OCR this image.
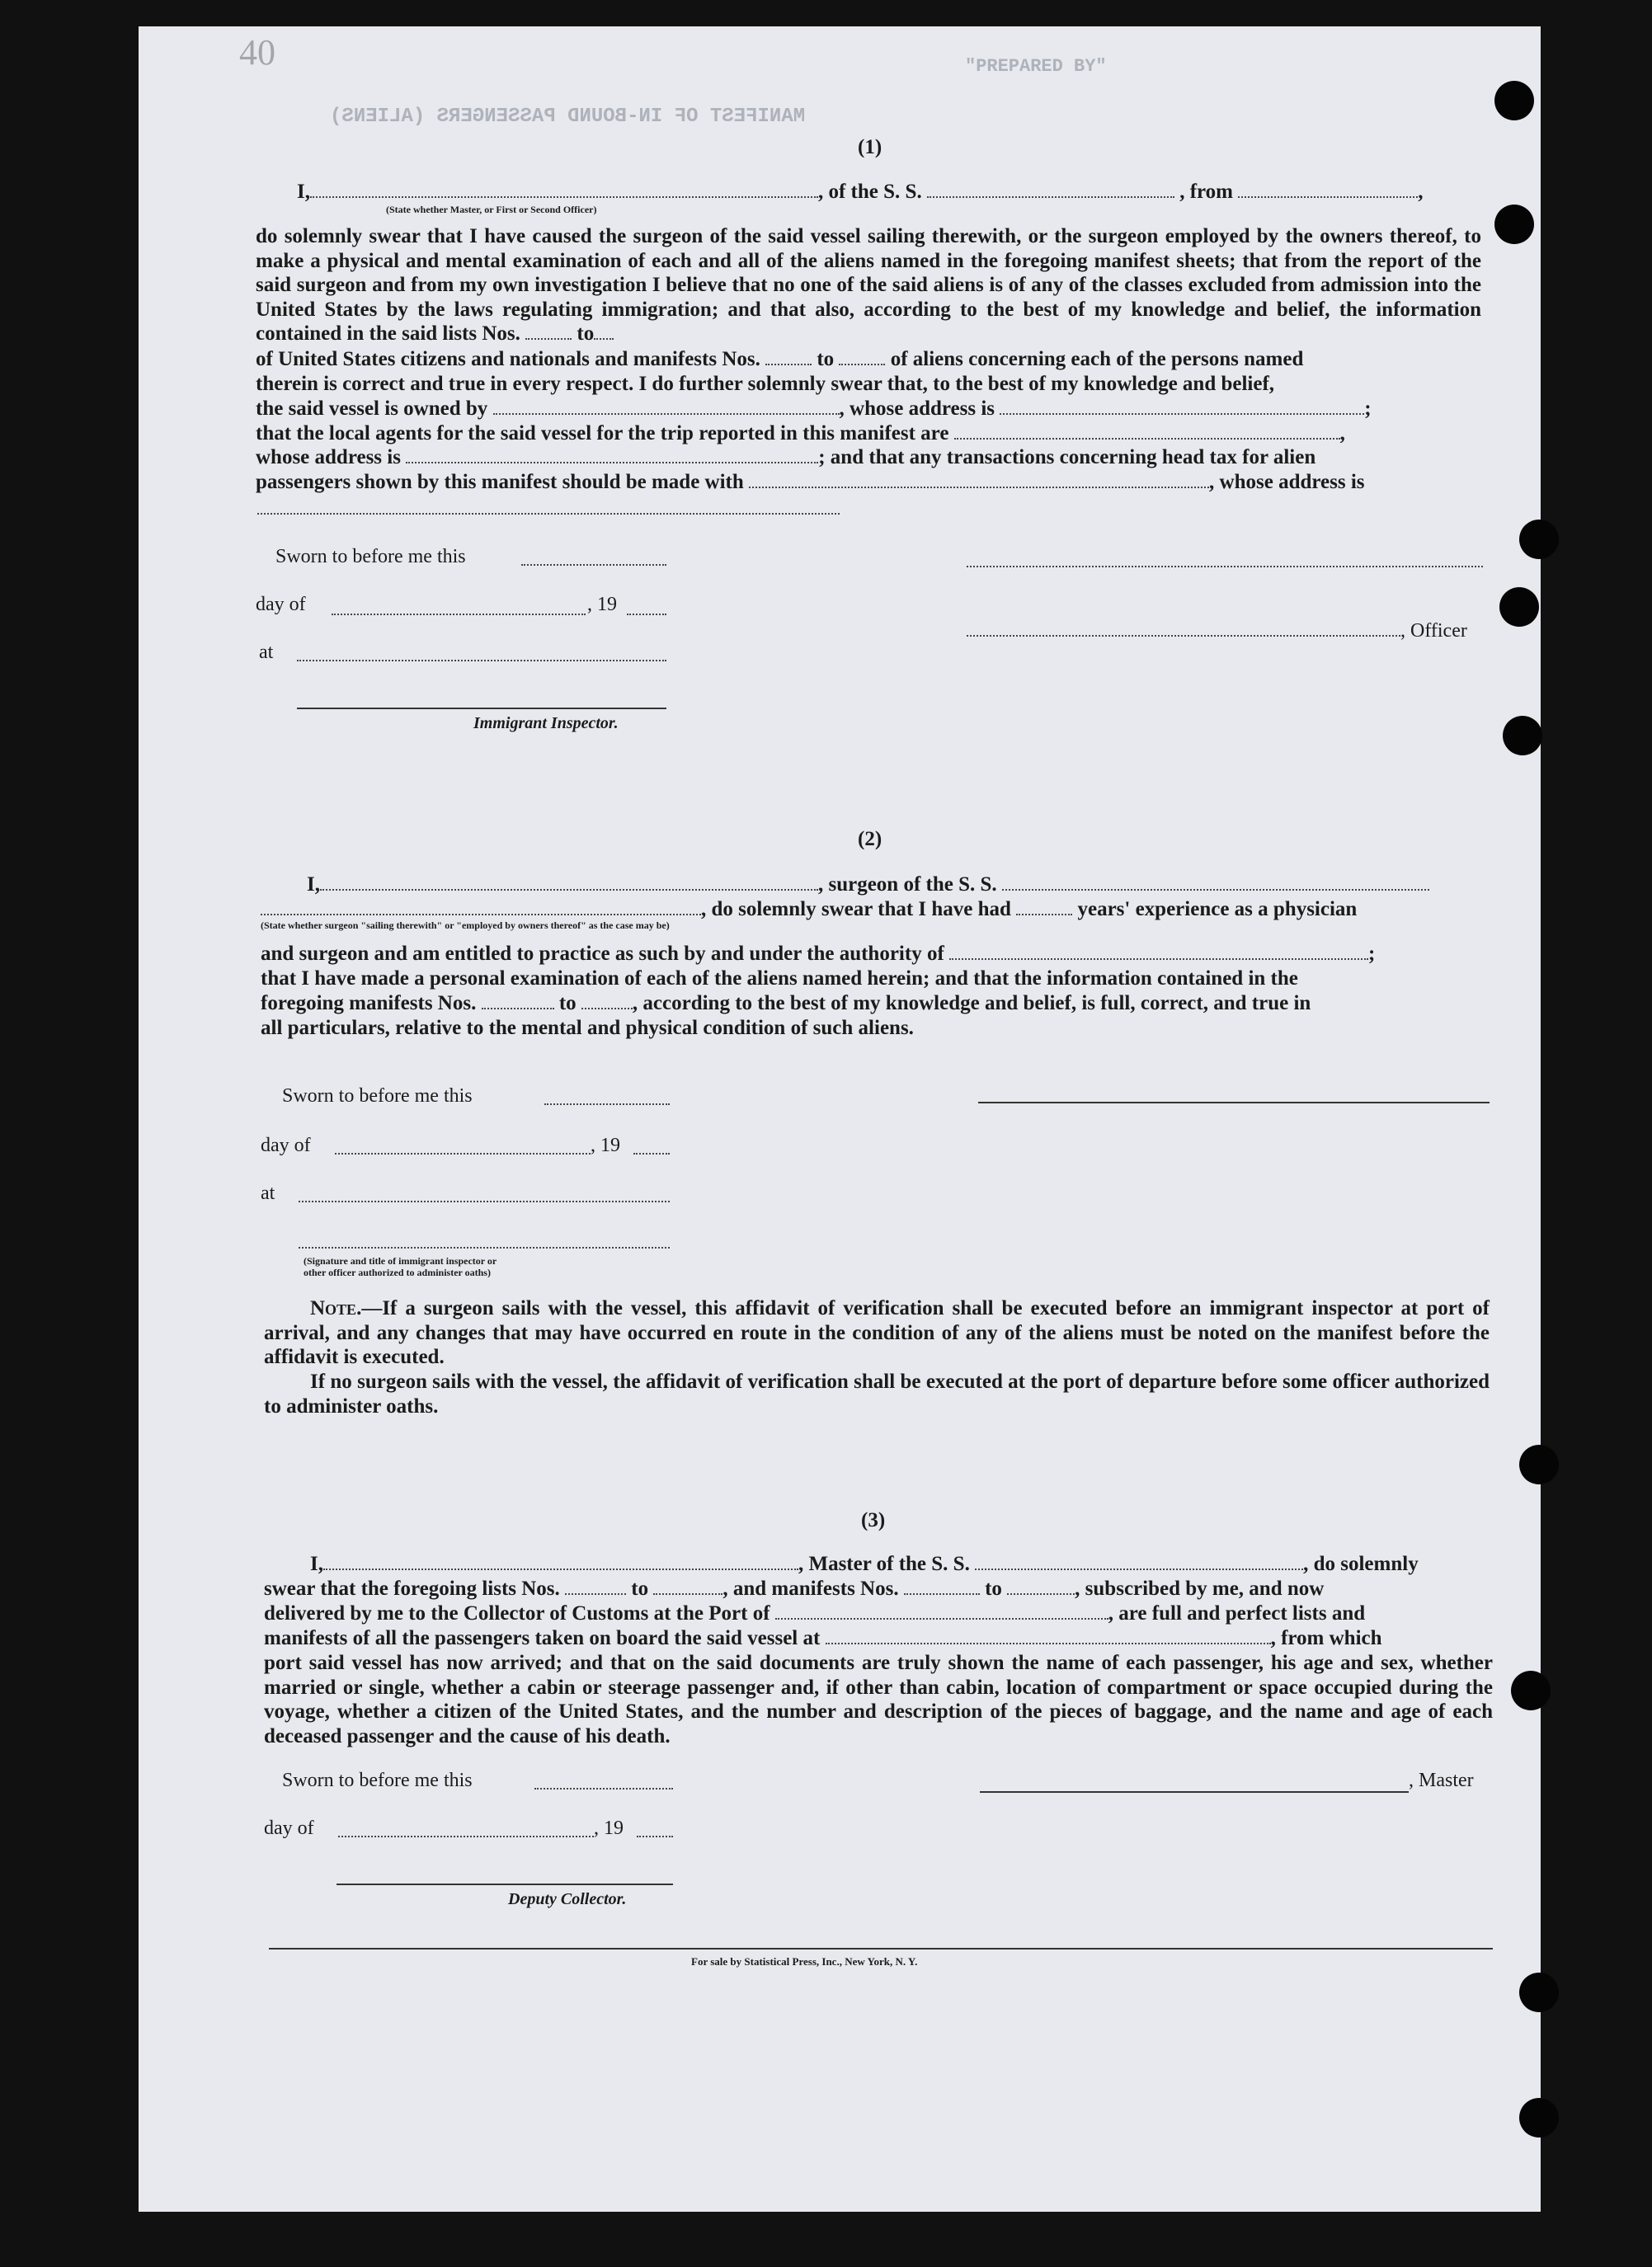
40	"PREPARED BY"
MANIFEST OF IN-BOUND PASSENGERS (ALIENS)
(1)
I,	, of the S. S.	, from	,
(State whether Master, or First or Second Officer)

do solemnly swear that I have caused the surgeon of the said vessel sailing therewith, or the surgeon employed by the owners thereof, to make a physical and mental examination of each and all of the aliens named in the foregoing manifest sheets; that from the report of the said surgeon and from my own investigation I believe that no one of the said aliens is of any of the classes excluded from admission into the United States by the laws regulating immigration; and that also, according to the best of my knowledge and belief, the information contained in the said lists Nos.	to

of United States citizens and nationals and manifests Nos.	to	of aliens concerning each of the persons named
therein is correct and true in every respect. I do further solemnly swear that, to the best of my knowledge and belief,
the said vessel is owned by	, whose address is	;
that the local agents for the said vessel for the trip reported in this manifest are	,
whose address is	; and that any transactions concerning head tax for alien
passengers shown by this manifest should be made with	, whose address is
Sworn to before me this
day of	, 19
at
Immigrant Inspector.
, Officer
(2)
I,	, surgeon of the S. S.
, do solemnly swear that I have had	years' experience as a physician
(State whether surgeon "sailing therewith" or "employed by owners thereof" as the case may be)
and surgeon and am entitled to practice as such by and under the authority of	;
that I have made a personal examination of each of the aliens named herein; and that the information contained in the
foregoing manifests Nos.	to	, according to the best of my knowledge and belief, is full, correct, and true in
all particulars, relative to the mental and physical condition of such aliens.
Sworn to before me this
day of	, 19
at
(Signature and title of immigrant inspector or
other officer authorized to administer oaths)

Note.—If a surgeon sails with the vessel, this affidavit of verification shall be executed before an immigrant inspector at port of arrival, and any changes that may have occurred en route in the condition of any of the aliens must be noted on the manifest before the affidavit is executed.

If no surgeon sails with the vessel, the affidavit of verification shall be executed at the port of departure before some officer authorized to administer oaths.

(3)
I,	, Master of the S. S.	, do solemnly
swear that the foregoing lists Nos.	to	, and manifests Nos.	to	, subscribed by me, and now
delivered by me to the Collector of Customs at the Port of	, are full and perfect lists and
manifests of all the passengers taken on board the said vessel at	, from which

port said vessel has now arrived; and that on the said documents are truly shown the name of each passenger, his age and sex, whether married or single, whether a cabin or steerage passenger and, if other than cabin, location of compartment or space occupied during the voyage, whether a citizen of the United States, and the number and description of the pieces of baggage, and the name and age of each deceased passenger and the cause of his death.

Sworn to before me this
day of	, 19
Deputy Collector.
, Master
For sale by Statistical Press, Inc., New York, N. Y.
